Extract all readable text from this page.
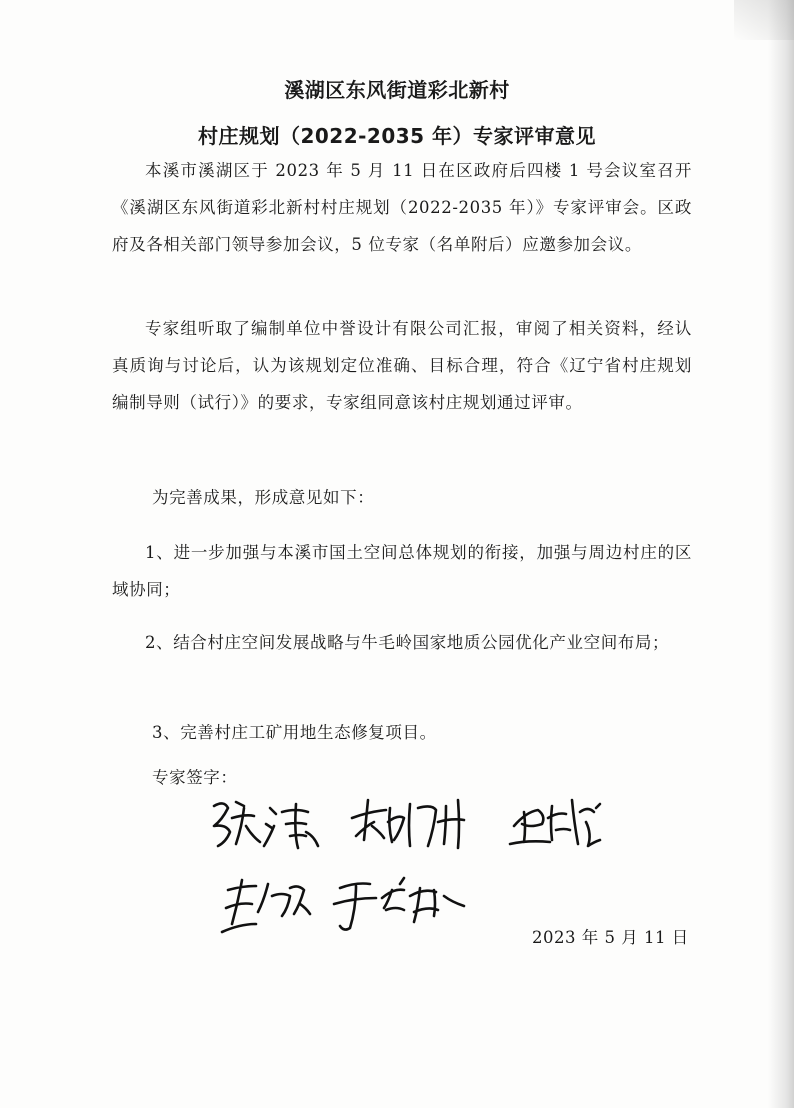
溪湖区东风街道彩北新村
村庄规划（2022-2035 年）专家评审意见
本溪市溪湖区于 2023 年 5 月 11 日在区政府后四楼 1 号会议室召开《溪湖区东风街道彩北新村村庄规划（2022-2035 年）》专家评审会。区政府及各相关部门领导参加会议，5 位专家（名单附后）应邀参加会议。
专家组听取了编制单位中誉设计有限公司汇报，审阅了相关资料，经认真质询与讨论后，认为该规划定位准确、目标合理，符合《辽宁省村庄规划编制导则（试行）》的要求，专家组同意该村庄规划通过评审。
为完善成果，形成意见如下：
1、进一步加强与本溪市国土空间总体规划的衔接，加强与周边村庄的区域协同；
2、结合村庄空间发展战略与牛毛岭国家地质公园优化产业空间布局；
3、完善村庄工矿用地生态修复项目。
专家签字：
2023 年 5 月 11 日
